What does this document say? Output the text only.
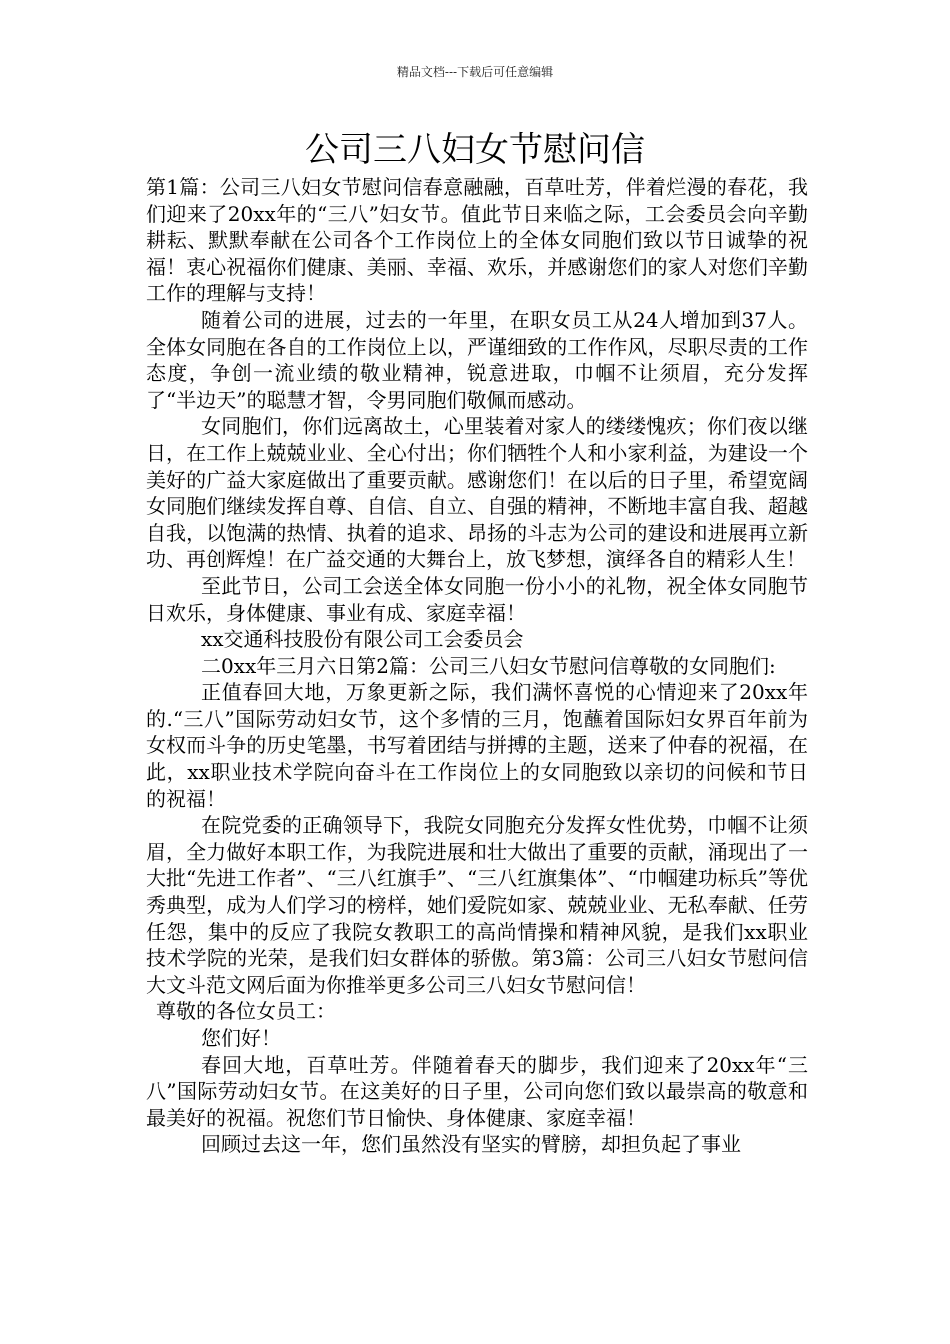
精品文档---下载后可任意编辑
公司三八妇女节慰问信

第1篇：公司三八妇女节慰问信春意融融，百草吐芳，伴着烂漫的春花，我们迎来了20xx年的“三八”妇女节。值此节日来临之际，工会委员会向辛勤耕耘、默默奉献在公司各个工作岗位上的全体女同胞们致以节日诚挚的祝福！衷心祝福你们健康、美丽、幸福、欢乐，并感谢您们的家人对您们辛勤工作的理解与支持！

随着公司的进展，过去的一年里，在职女员工从24人增加到37人。全体女同胞在各自的工作岗位上以，严谨细致的工作作风，尽职尽责的工作态度，争创一流业绩的敬业精神，锐意进取，巾帼不让须眉，充分发挥了“半边天”的聪慧才智，令男同胞们敬佩而感动。

女同胞们，你们远离故土，心里装着对家人的缕缕愧疚；你们夜以继日，在工作上兢兢业业、全心付出；你们牺牲个人和小家利益，为建设一个美好的广益大家庭做出了重要贡献。感谢您们！在以后的日子里，希望宽阔女同胞们继续发挥自尊、自信、自立、自强的精神，不断地丰富自我、超越自我，以饱满的热情、执着的追求、昂扬的斗志为公司的建设和进展再立新功、再创辉煌！在广益交通的大舞台上，放飞梦想，演绎各自的精彩人生！

至此节日，公司工会送全体女同胞一份小小的礼物，祝全体女同胞节日欢乐，身体健康、事业有成、家庭幸福！

xx交通科技股份有限公司工会委员会

二0xx年三月六日第2篇：公司三八妇女节慰问信尊敬的女同胞们:

正值春回大地，万象更新之际，我们满怀喜悦的心情迎来了20xx年的.“三八”国际劳动妇女节，这个多情的三月，饱蘸着国际妇女界百年前为女权而斗争的历史笔墨，书写着团结与拼搏的主题，送来了仲春的祝福，在此，xx职业技术学院向奋斗在工作岗位上的女同胞致以亲切的问候和节日的祝福！

在院党委的正确领导下，我院女同胞充分发挥女性优势，巾帼不让须眉，全力做好本职工作，为我院进展和壮大做出了重要的贡献，涌现出了一大批“先进工作者”、“三八红旗手”、“三八红旗集体”、“巾帼建功标兵”等优秀典型，成为人们学习的榜样，她们爱院如家、兢兢业业、无私奉献、任劳任怨，集中的反应了我院女教职工的高尚情操和精神风貌，是我们xx职业技术学院的光荣，是我们妇女群体的骄傲。第3篇：公司三八妇女节慰问信大文斗范文网后面为你推举更多公司三八妇女节慰问信！

尊敬的各位女员工：

您们好！

春回大地，百草吐芳。伴随着春天的脚步，我们迎来了20xx年“三八”国际劳动妇女节。在这美好的日子里，公司向您们致以最崇高的敬意和最美好的祝福。祝您们节日愉快、身体健康、家庭幸福！

回顾过去这一年，您们虽然没有坚实的臂膀，却担负起了事业
